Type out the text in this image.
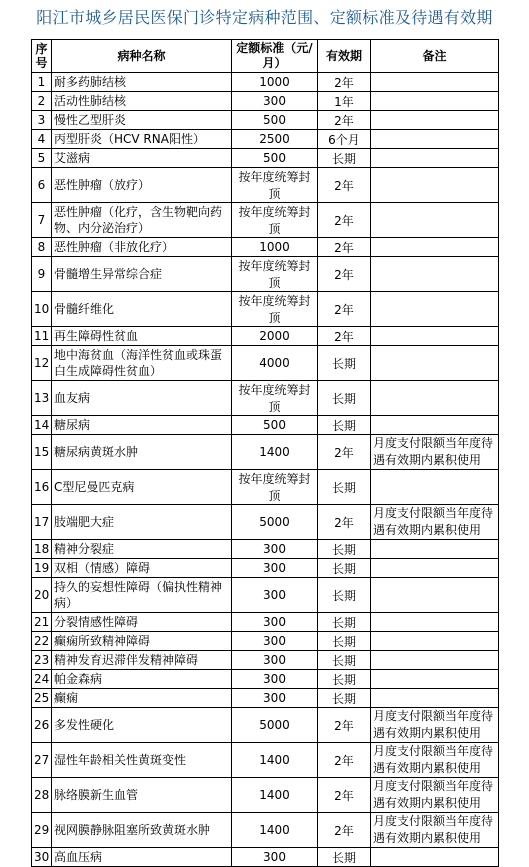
阳江市城乡居民医保门诊特定病种范围、定额标准及待遇有效期
序号	病种名称	定额标准（元/月）	有效期	备注
1	耐多药肺结核	1000	2年	
2	活动性肺结核	300	1年	
3	慢性乙型肝炎	500	2年	
4	丙型肝炎（HCV RNA阳性）	2500	6个月	
5	艾滋病	500	长期	
6	恶性肿瘤（放疗）	按年度统筹封顶	2年	
7	恶性肿瘤（化疗，含生物靶向药物、内分泌治疗）	按年度统筹封顶	2年	
8	恶性肿瘤（非放化疗）	1000	2年	
9	骨髓增生异常综合症	按年度统筹封顶	2年	
10	骨髓纤维化	按年度统筹封顶	2年	
11	再生障碍性贫血	2000	2年	
12	地中海贫血（海洋性贫血或珠蛋白生成障碍性贫血）	4000	长期	
13	血友病	按年度统筹封顶	长期	
14	糖尿病	500	长期	
15	糖尿病黄斑水肿	1400	2年	月度支付限额当年度待遇有效期内累积使用
16	C型尼曼匹克病	按年度统筹封顶	长期	
17	肢端肥大症	5000	2年	月度支付限额当年度待遇有效期内累积使用
18	精神分裂症	300	长期	
19	双相（情感）障碍	300	长期	
20	持久的妄想性障碍（偏执性精神病）	300	长期	
21	分裂情感性障碍	300	长期	
22	癫痫所致精神障碍	300	长期	
23	精神发育迟滞伴发精神障碍	300	长期	
24	帕金森病	300	长期	
25	癫痫	300	长期	
26	多发性硬化	5000	2年	月度支付限额当年度待遇有效期内累积使用
27	湿性年龄相关性黄斑变性	1400	2年	月度支付限额当年度待遇有效期内累积使用
28	脉络膜新生血管	1400	2年	月度支付限额当年度待遇有效期内累积使用
29	视网膜静脉阻塞所致黄斑水肿	1400	2年	月度支付限额当年度待遇有效期内累积使用
30	高血压病	300	长期	
